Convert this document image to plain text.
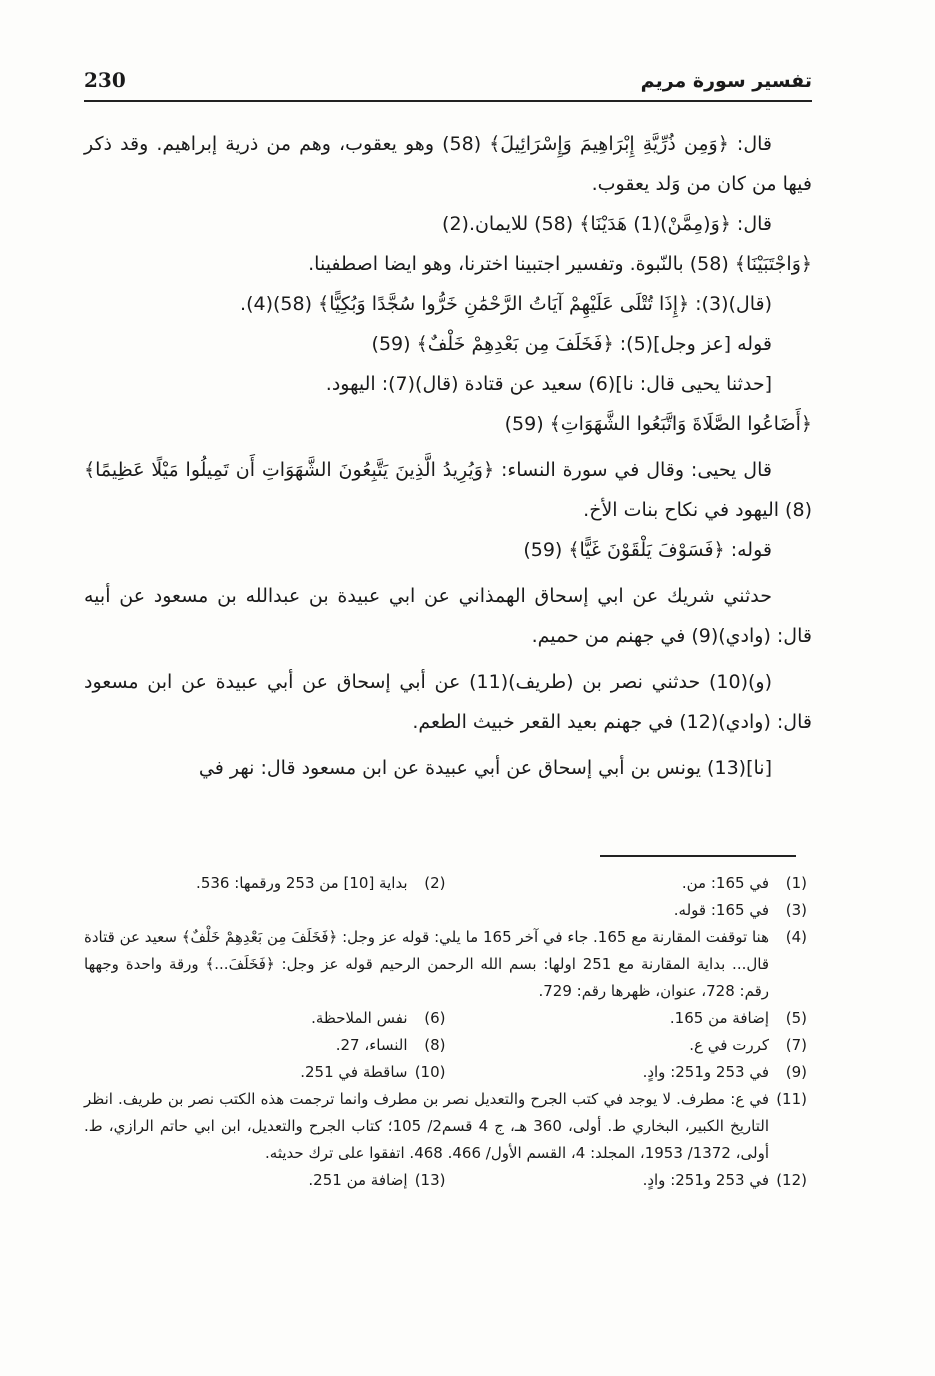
230	تفسير سورة مريم

قال: ﴿وَمِن ذُرِّيَّةِ إِبْرَاهِيمَ وَإِسْرَائِيلَ﴾ (58) وهو يعقوب، وهم من ذرية إبراهيم. وقد ذكر فيها من كان من وَلد يعقوب.

قال: ﴿وَ(مِمَّنْ)(1) هَدَيْنَا﴾ (58) للايمان.(2)

﴿وَاجْتَبَيْنَا﴾ (58) بالنّبوة. وتفسير اجتبينا اخترنا، وهو ايضا اصطفينا.

(قال)(3): ﴿إِذَا تُتْلَى عَلَيْهِمْ آيَاتُ الرَّحْمَٰنِ خَرُّوا سُجَّدًا وَبُكِيًّا﴾ (58)(4).

قوله [عز وجل](5): ﴿فَخَلَفَ مِن بَعْدِهِمْ خَلْفٌ﴾ (59)

[حدثنا يحيى قال: نا](6) سعيد عن قتادة (قال)(7): اليهود.

﴿أَضَاعُوا الصَّلَاةَ وَاتَّبَعُوا الشَّهَوَاتِ﴾ (59)

قال يحيى: وقال في سورة النساء: ﴿وَيُرِيدُ الَّذِينَ يَتَّبِعُونَ الشَّهَوَاتِ أَن تَمِيلُوا مَيْلًا عَظِيمًا﴾(8) اليهود في نكاح بنات الأخ.

قوله: ﴿فَسَوْفَ يَلْقَوْنَ غَيًّا﴾ (59)

حدثني شريك عن ابي إسحاق الهمذاني عن ابي عبيدة بن عبدالله بن مسعود عن أبيه قال: (وادي)(9) في جهنم من حميم.

(و)(10) حدثني نصر بن (طريف)(11) عن أبي إسحاق عن أبي عبيدة عن ابن مسعود قال: (وادي)(12) في جهنم بعيد القعر خبيث الطعم.

[نا](13) يونس بن أبي إسحاق عن أبي عبيدة عن ابن مسعود قال: نهر في

(1)
في 165: من.
(2)
بداية [10] من 253 ورقمها: 536.
(3)
في 165: قوله.
(4)
هنا توقفت المقارنة مع 165. جاء في آخر 165 ما يلي: قوله عز وجل: ﴿فَخَلَفَ مِن بَعْدِهِمْ خَلْفٌ﴾ سعيد عن قتادة قال... بداية المقارنة مع 251 اولها: بسم الله الرحمن الرحيم قوله عز وجل: ﴿فَخَلَفَ...﴾ ورقة واحدة وجهها رقم: 728، عنوان، ظهرها رقم: 729.
(5)
إضافة من 165.
(6)
نفس الملاحظة.
(7)
كررت في ع.
(8)
النساء، 27.
(9)
في 253 و251: وادٍ.
(10)
ساقطة في 251.
(11)
في ع: مطرف. لا يوجد في كتب الجرح والتعديل نصر بن مطرف وانما ترجمت هذه الكتب نصر بن طريف. انظر التاريخ الكبير، البخاري ط. أولى، 360 هـ، ج 4 قسم2/ 105؛ كتاب الجرح والتعديل، ابن ابي حاتم الرازي، ط. أولى، 1372/ 1953، المجلد: 4، القسم الأول/ 466. 468. اتفقوا على ترك حديثه.
(12)
في 253 و251: وادٍ.
(13)
إضافة من 251.
